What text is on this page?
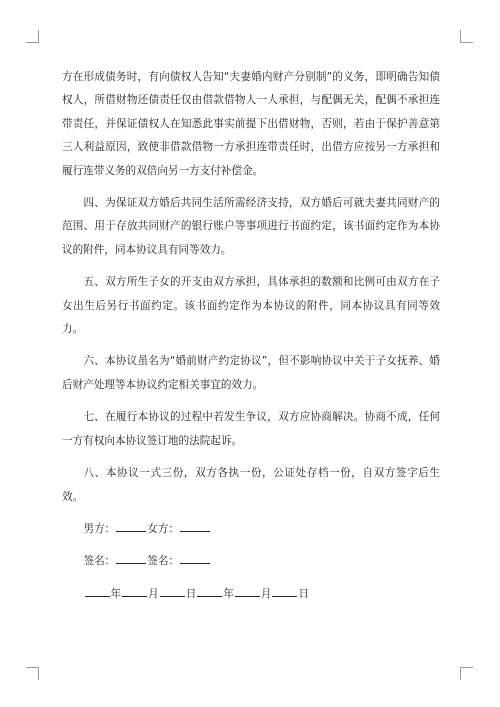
方在形成债务时，有向债权人告知“夫妻婚内财产分别制”的义务，即明确告知债权人，所借财物还债责任仅由借款借物人一人承担，与配偶无关，配偶不承担连带责任，并保证债权人在知悉此事实前提下出借财物，否则，若由于保护善意第三人利益原因，致使非借款借物一方承担连带责任时，出借方应按另一方承担和履行连带义务的双倍向另一方支付补偿金。

四、为保证双方婚后共同生活所需经济支持，双方婚后可就夫妻共同财产的范围、用于存放共同财产的银行账户等事项进行书面约定，该书面约定作为本协议的附件，同本协议具有同等效力。

五、双方所生子女的开支由双方承担，具体承担的数额和比例可由双方在子女出生后另行书面约定。该书面约定作为本协议的附件，同本协议具有同等效力。

六、本协议虽名为“婚前财产约定协议”，但不影响协议中关于子女抚养、婚后财产处理等本协议约定相关事宜的效力。

七、在履行本协议的过程中若发生争议，双方应协商解决。协商不成，任何一方有权向本协议签订地的法院起诉。

八、本协议一式三份，双方各执一份，公证处存档一份，自双方签字后生效。

男方：	女方：
签名：	签名：
年	月	日	年	月	日
